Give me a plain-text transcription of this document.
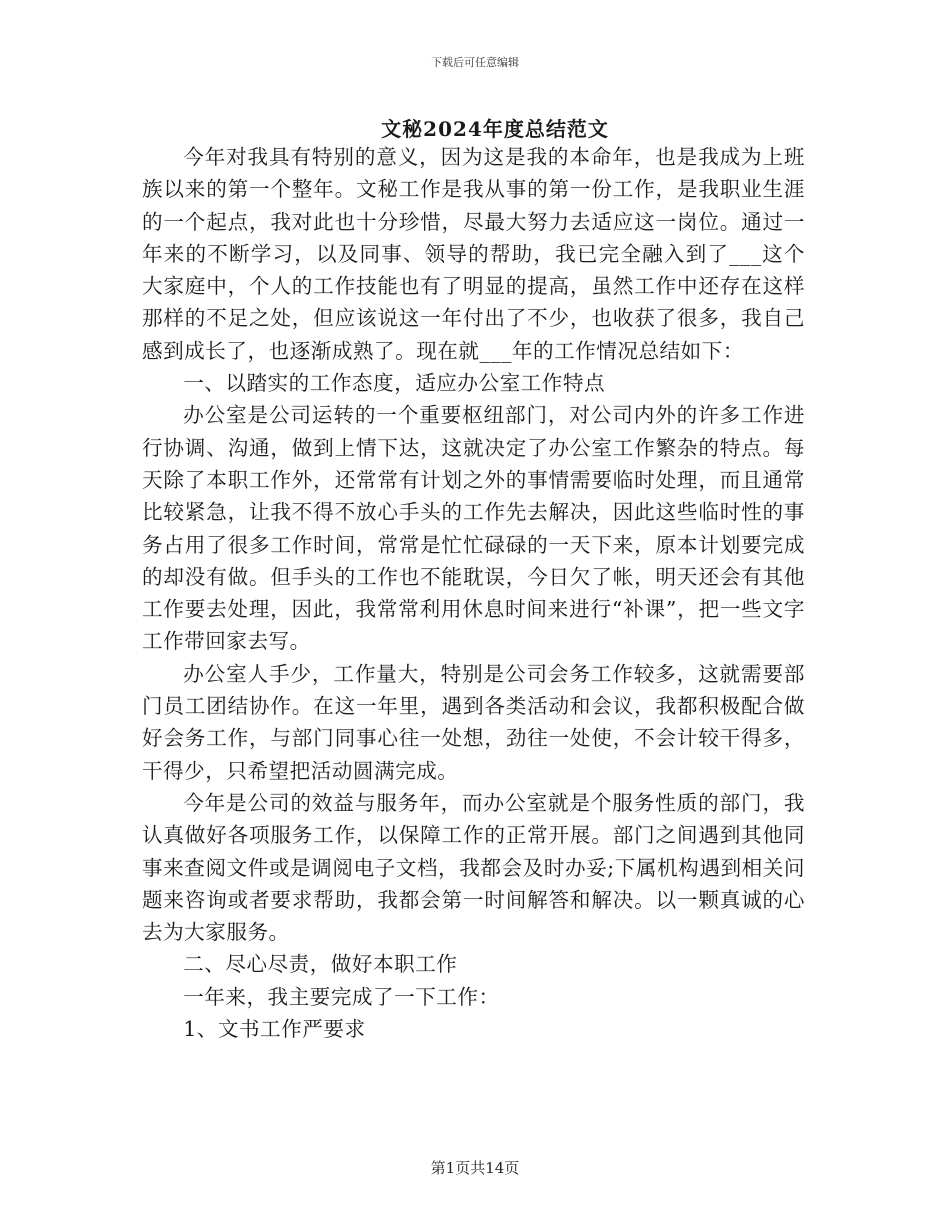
下载后可任意编辑
文秘2024年度总结范文

今年对我具有特别的意义，因为这是我的本命年，也是我成为上班族以来的第一个整年。文秘工作是我从事的第一份工作，是我职业生涯的一个起点，我对此也十分珍惜，尽最大努力去适应这一岗位。通过一年来的不断学习，以及同事、领导的帮助，我已完全融入到了___这个大家庭中，个人的工作技能也有了明显的提高，虽然工作中还存在这样那样的不足之处，但应该说这一年付出了不少，也收获了很多，我自己感到成长了，也逐渐成熟了。现在就___年的工作情况总结如下：

一、以踏实的工作态度，适应办公室工作特点

办公室是公司运转的一个重要枢纽部门，对公司内外的许多工作进行协调、沟通，做到上情下达，这就决定了办公室工作繁杂的特点。每天除了本职工作外，还常常有计划之外的事情需要临时处理，而且通常比较紧急，让我不得不放心手头的工作先去解决，因此这些临时性的事务占用了很多工作时间，常常是忙忙碌碌的一天下来，原本计划要完成的却没有做。但手头的工作也不能耽误，今日欠了帐，明天还会有其他工作要去处理，因此，我常常利用休息时间来进行“补课”，把一些文字工作带回家去写。

办公室人手少，工作量大，特别是公司会务工作较多，这就需要部门员工团结协作。在这一年里，遇到各类活动和会议，我都积极配合做好会务工作，与部门同事心往一处想，劲往一处使，不会计较干得多，干得少，只希望把活动圆满完成。

今年是公司的效益与服务年，而办公室就是个服务性质的部门，我认真做好各项服务工作，以保障工作的正常开展。部门之间遇到其他同事来查阅文件或是调阅电子文档，我都会及时办妥;下属机构遇到相关问题来咨询或者要求帮助，我都会第一时间解答和解决。以一颗真诚的心去为大家服务。

二、尽心尽责，做好本职工作

一年来，我主要完成了一下工作：

1、文书工作严要求

第1页共14页
